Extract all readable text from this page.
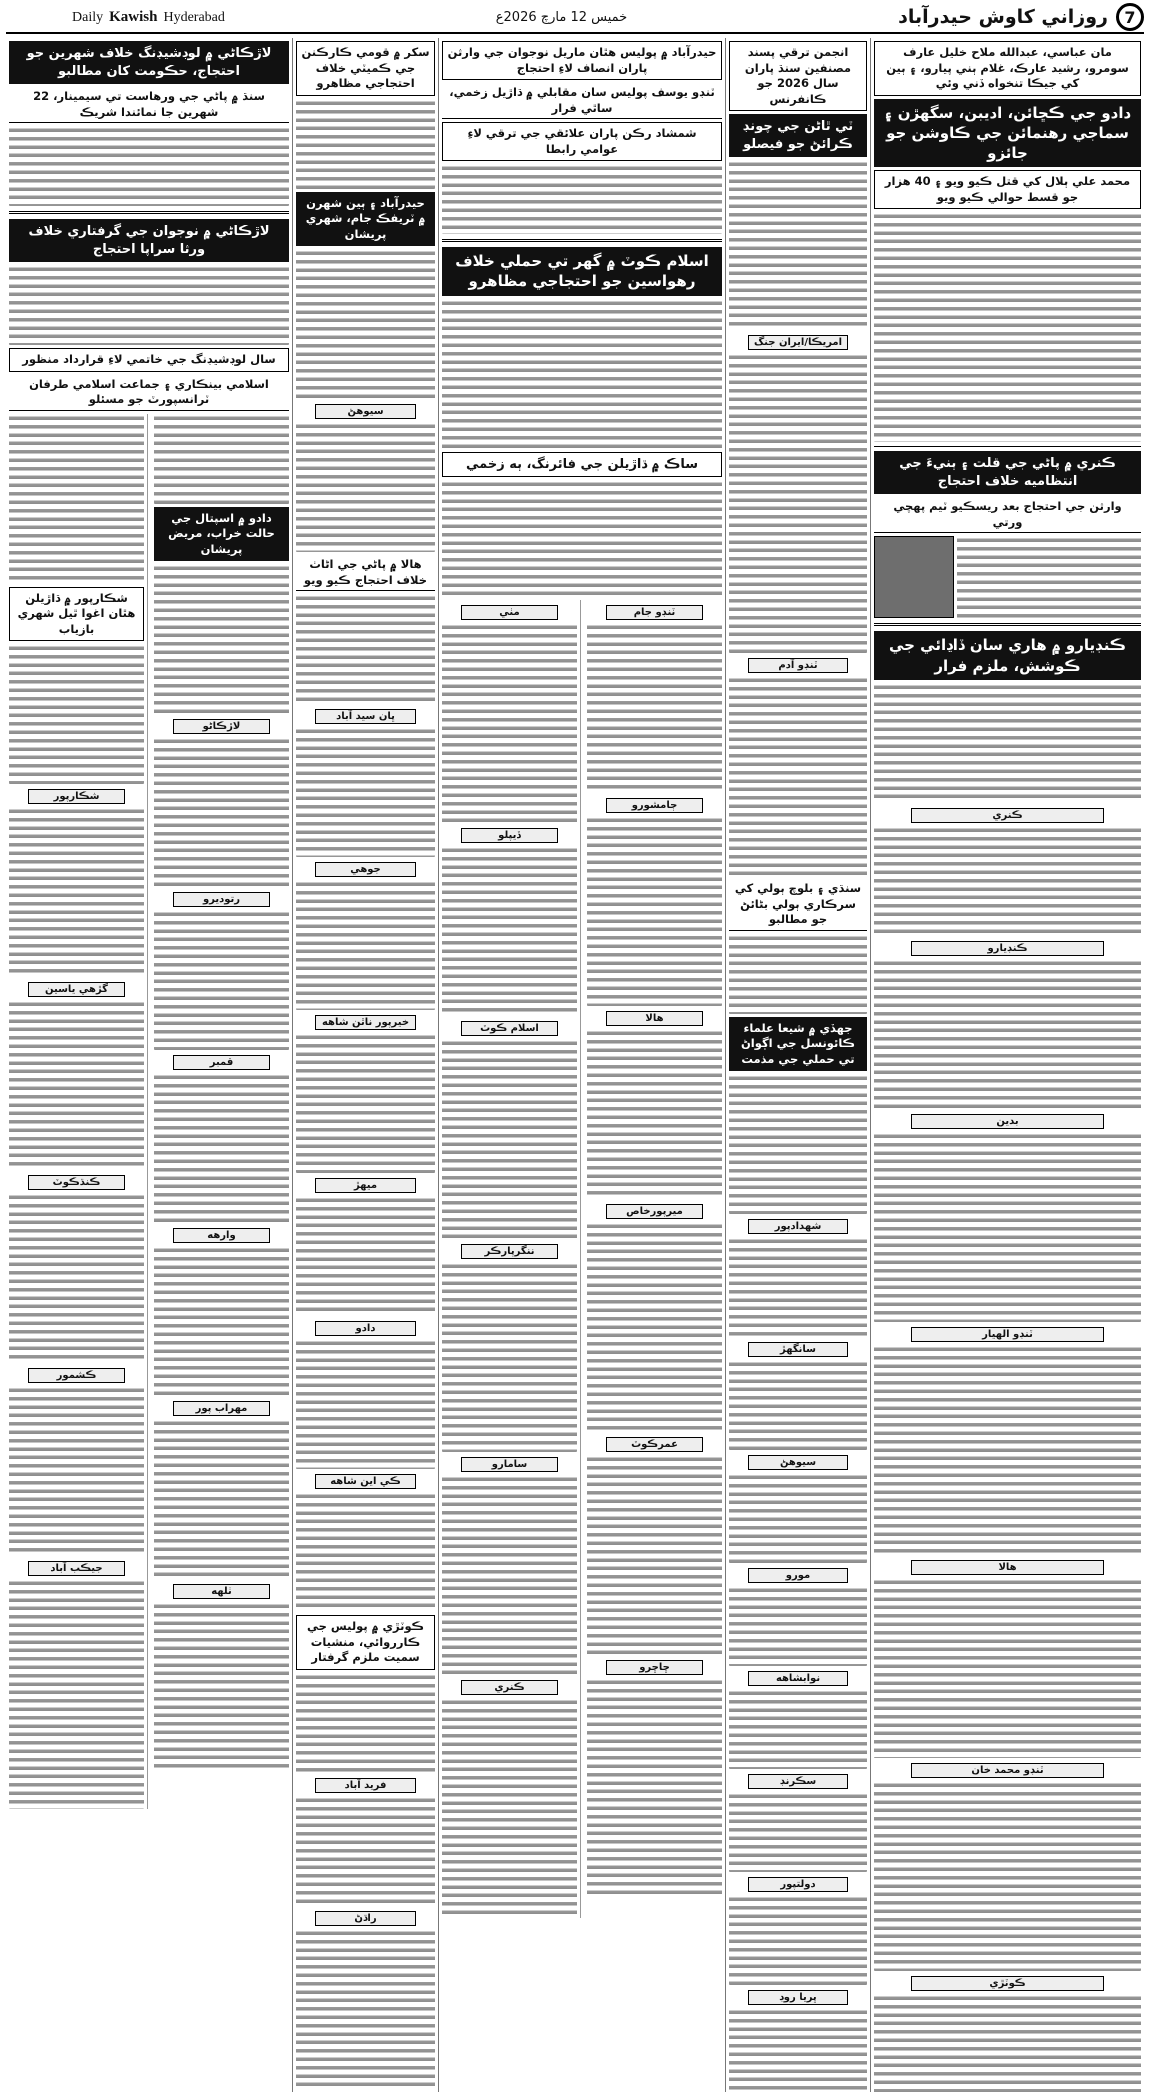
Daily Kawish Hyderabad	خميس 12 مارچ 2026ع	7
روزاني كاوش حيدرآباد
مان عباسي، عبدالله ملاح خليل عارف سومرو، رشيد عارڪ، غلام ٻني پيارو، ۽ ٻين کي جيڪا تنخواه ڏني وئي
دادو جي ڪڇائن، اديبن، سگھڙن ۽ سماجي رهنمائن جي ڪاوشن جو جائزو
محمد علي ٻلال کي قتل ڪيو ويو ۽ 40 هزار جو قسط حوالي ڪيو ويو
ڪنري ۾ پاڻي جي قلت ۽ ٻنيءَ جي انتظاميه خلاف احتجاج
وارثن جي احتجاج بعد ريسڪيو ٽيم پهچي ورتي
ڪنڊيارو ۾ هاري سان ڏاڍائي جي ڪوشش، ملزم فرار
ڪنري
ڪنڊيارو
بدين
ٽنڊو الهيار
هالا
ٽنڊو محمد خان
ڪوٽڙي
انجمن ترقي پسند مصنفين سنڌ پاران سال 2026 جو ڪانفرنس
ٽي ٿاڻن جي چونڊ ڪرائڻ جو فيصلو
امريڪا/ايران جنگ
ٽنڊو آدم
سنڌي ۽ بلوچ ٻولي کي سرڪاري ٻولي بڻائڻ جو مطالبو
جهڏي ۾ شيعا علماء ڪائونسل جي اڳواڻ تي حملي جي مذمت
شهدادپور
سانگهڙ
سيوهڻ
مورو
نوابشاهه
سڪرنڊ
دولتپور
ڀريا روڊ
حيدرآباد ۾ پوليس هٿان ماريل نوجوان جي وارثن پاران انصاف لاءِ احتجاج
ٽنڊو يوسف پوليس سان مقابلي ۾ ڌاڙيل زخمي، ساٿي فرار
شمشاد رڪن پاران علائقي جي ترقي لاءِ عوامي رابطا
اسلام ڪوٽ ۾ گھر تي حملي خلاف رهواسين جو احتجاجي مظاهرو
ساڪ ۾ ڌاڙيلن جي فائرنگ، ٻه زخمي
ٽنڊو جام
ڄامشورو
هالا
ميرپورخاص
عمرڪوٽ
ڇاڇرو
مٺي
ڏيپلو
اسلام ڪوٽ
ننگرپارڪر
سامارو
ڪنري
سکر ۾ قومي ڪارڪنن جي ڪميٽي خلاف احتجاجي مظاهرو
حيدرآباد ۽ ٻين شهرن ۾ ٽريفڪ جام، شهري پريشان
سيوهڻ
هالا ۾ پاڻي جي اڻاٺ خلاف احتجاج ڪيو ويو
ڀان سيد آباد
جوهي
خيرپور ناٿن شاهه
ميهڙ
دادو
ڪي اين شاهه
ڪوٽڙي ۾ پوليس جي ڪارروائي، منشيات سميت ملزم گرفتار
فريد آباد
راڌڻ
لاڙڪاڻي ۾ لوڊشيڊنگ خلاف شهرين جو احتجاج، حڪومت کان مطالبو
سنڌ ۾ پاڻي جي ورهاست تي سيمينار، 22 شهرين جا نمائندا شريڪ
لاڙڪاڻي ۾ نوجوان جي گرفتاري خلاف ورثا سراپا احتجاج
سال لوڊشيڊنگ جي خاتمي لاءِ قرارداد منظور
اسلامي بينڪاري ۽ جماعت اسلامي طرفان ٽرانسپورٽ جو مسئلو
دادو ۾ اسپتال جي حالت خراب، مريض پريشان
لاڙڪاڻو
رتوديرو
قمبر
وارهه
مهراب پور
ٺلهه
شڪارپور ۾ ڌاڙيلن هٿان اغوا ٿيل شهري بازياب
شڪارپور
گڙهي ياسين
ڪنڌڪوٽ
ڪشمور
جيڪب آباد
